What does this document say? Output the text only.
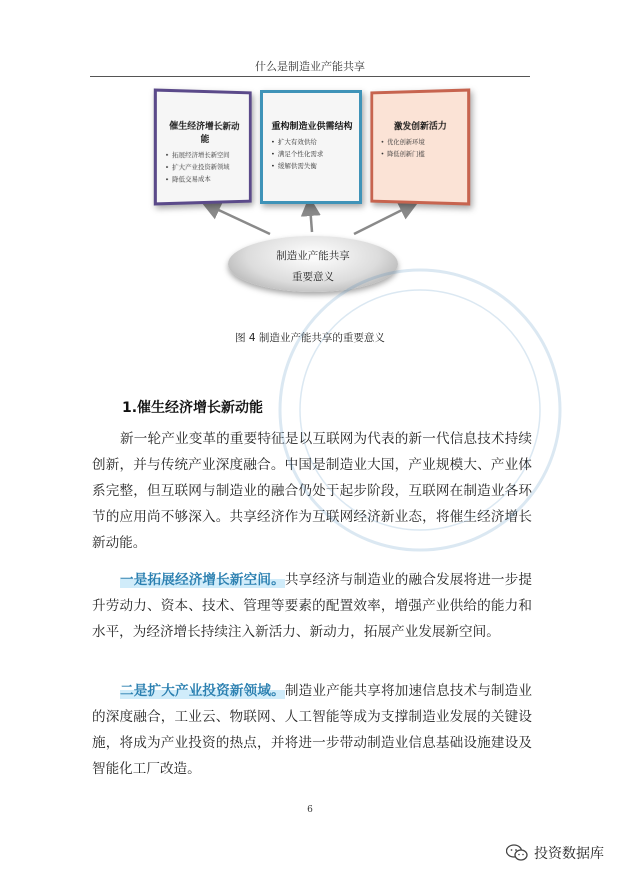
什么是制造业产能共享
催生经济增长新动能
• 拓展经济增长新空间
• 扩大产业投资新领域
• 降低交易成本
重构制造业供需结构
• 扩大有效供给
• 满足个性化需求
• 缓解供需失衡
激发创新活力
• 优化创新环境
• 降低创新门槛
制造业产能共享
重要意义
图 4 制造业产能共享的重要意义
1.催生经济增长新动能

新一轮产业变革的重要特征是以互联网为代表的新一代信息技术持续创新，并与传统产业深度融合。中国是制造业大国，产业规模大、产业体系完整，但互联网与制造业的融合仍处于起步阶段，互联网在制造业各环节的应用尚不够深入。共享经济作为互联网经济新业态，将催生经济增长新动能。

一是拓展经济增长新空间。共享经济与制造业的融合发展将进一步提升劳动力、资本、技术、管理等要素的配置效率，增强产业供给的能力和水平，为经济增长持续注入新活力、新动力，拓展产业发展新空间。

二是扩大产业投资新领域。制造业产能共享将加速信息技术与制造业的深度融合，工业云、物联网、人工智能等成为支撑制造业发展的关键设施，将成为产业投资的热点，并将进一步带动制造业信息基础设施建设及智能化工厂改造。

6
投资数据库
